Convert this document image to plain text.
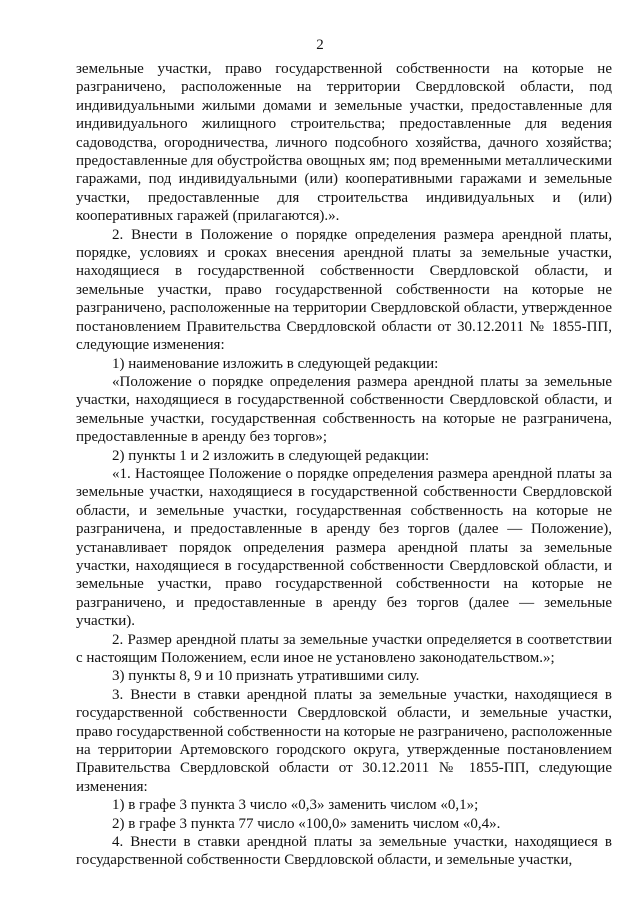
2

земельные участки, право государственной собственности на которые не разграничено, расположенные на территории Свердловской области, под индивидуальными жилыми домами и земельные участки, предоставленные для индивидуального жилищного строительства; предоставленные для ведения садоводства, огородничества, личного подсобного хозяйства, дачного хозяйства; предоставленные для обустройства овощных ям; под временными металлическими гаражами, под индивидуальными (или) кооперативными гаражами и земельные участки, предоставленные для строительства индивидуальных и (или) кооперативных гаражей (прилагаются).».

2. Внести в Положение о порядке определения размера арендной платы, порядке, условиях и сроках внесения арендной платы за земельные участки, находящиеся в государственной собственности Свердловской области, и земельные участки, право государственной собственности на которые не разграничено, расположенные на территории Свердловской области, утвержденное постановлением Правительства Свердловской области от 30.12.2011 № 1855-ПП, следующие изменения:

1) наименование изложить в следующей редакции:

«Положение о порядке определения размера арендной платы за земельные участки, находящиеся в государственной собственности Свердловской области, и земельные участки, государственная собственность на которые не разграничена, предоставленные в аренду без торгов»;

2) пункты 1 и 2 изложить в следующей редакции:

«1. Настоящее Положение о порядке определения размера арендной платы за земельные участки, находящиеся в государственной собственности Свердловской области, и земельные участки, государственная собственность на которые не разграничена, и предоставленные в аренду без торгов (далее — Положение), устанавливает порядок определения размера арендной платы за земельные участки, находящиеся в государственной собственности Свердловской области, и земельные участки, право государственной собственности на которые не разграничено, и предоставленные в аренду без торгов (далее — земельные участки).

2. Размер арендной платы за земельные участки определяется в соответствии с настоящим Положением, если иное не установлено законодательством.»;

3) пункты 8, 9 и 10 признать утратившими силу.

3. Внести в ставки арендной платы за земельные участки, находящиеся в государственной собственности Свердловской области, и земельные участки, право государственной собственности на которые не разграничено, расположенные на территории Артемовского городского округа, утвержденные постановлением Правительства Свердловской области от 30.12.2011 № 1855-ПП, следующие изменения:

1) в графе 3 пункта 3 число «0,3» заменить числом «0,1»;

2) в графе 3 пункта 77 число «100,0» заменить числом «0,4».

4. Внести в ставки арендной платы за земельные участки, находящиеся в государственной собственности Свердловской области, и земельные участки,
